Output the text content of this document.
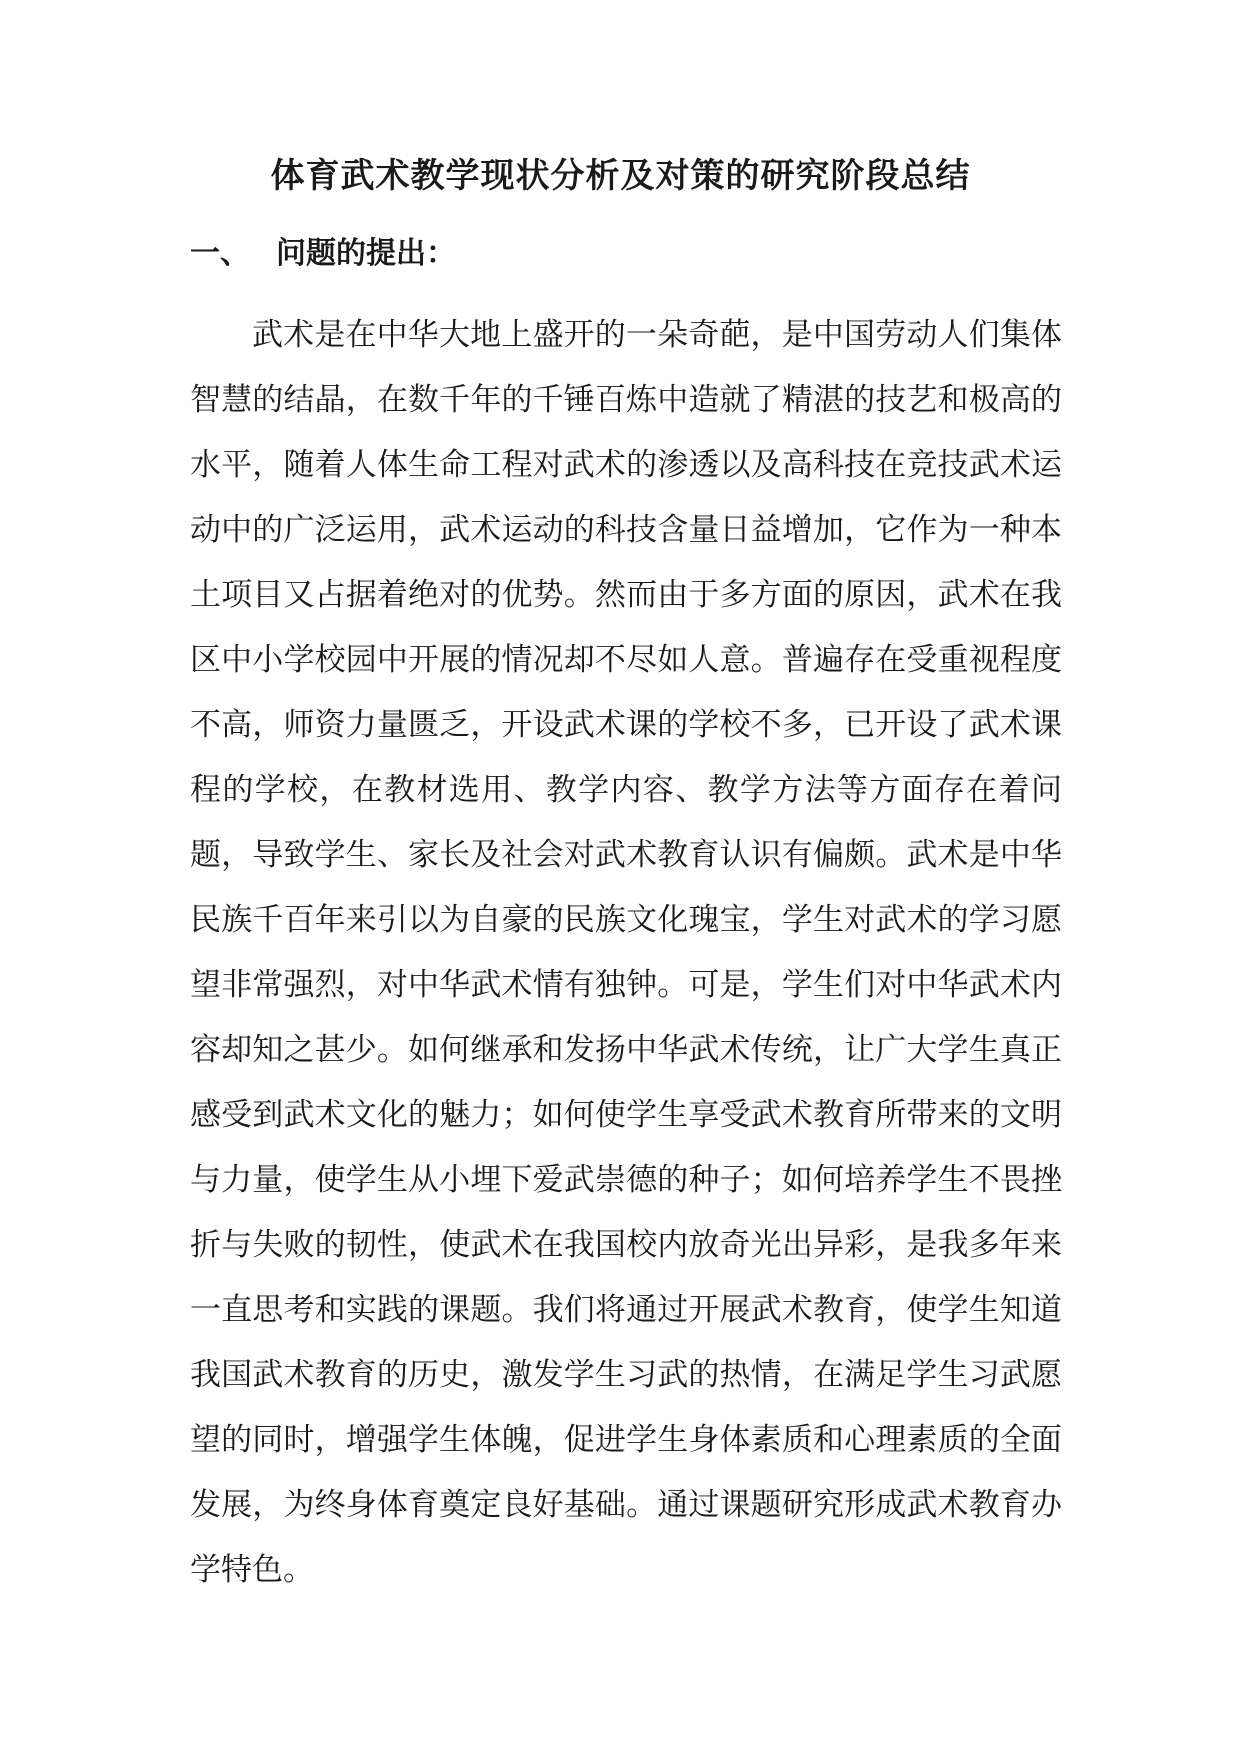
体育武术教学现状分析及对策的研究阶段总结
一、 问题的提出：

武术是在中华大地上盛开的一朵奇葩，是中国劳动人们集体智慧的结晶，在数千年的千锤百炼中造就了精湛的技艺和极高的水平，随着人体生命工程对武术的渗透以及高科技在竞技武术运动中的广泛运用，武术运动的科技含量日益增加，它作为一种本土项目又占据着绝对的优势。然而由于多方面的原因，武术在我区中小学校园中开展的情况却不尽如人意。普遍存在受重视程度不高，师资力量匮乏，开设武术课的学校不多，已开设了武术课程的学校，在教材选用、教学内容、教学方法等方面存在着问题，导致学生、家长及社会对武术教育认识有偏颇。武术是中华民族千百年来引以为自豪的民族文化瑰宝，学生对武术的学习愿望非常强烈，对中华武术情有独钟。可是，学生们对中华武术内容却知之甚少。如何继承和发扬中华武术传统，让广大学生真正感受到武术文化的魅力；如何使学生享受武术教育所带来的文明与力量，使学生从小埋下爱武崇德的种子；如何培养学生不畏挫折与失败的韧性，使武术在我国校内放奇光出异彩，是我多年来一直思考和实践的课题。我们将通过开展武术教育，使学生知道我国武术教育的历史，激发学生习武的热情，在满足学生习武愿望的同时，增强学生体魄，促进学生身体素质和心理素质的全面发展，为终身体育奠定良好基础。通过课题研究形成武术教育办学特色。
